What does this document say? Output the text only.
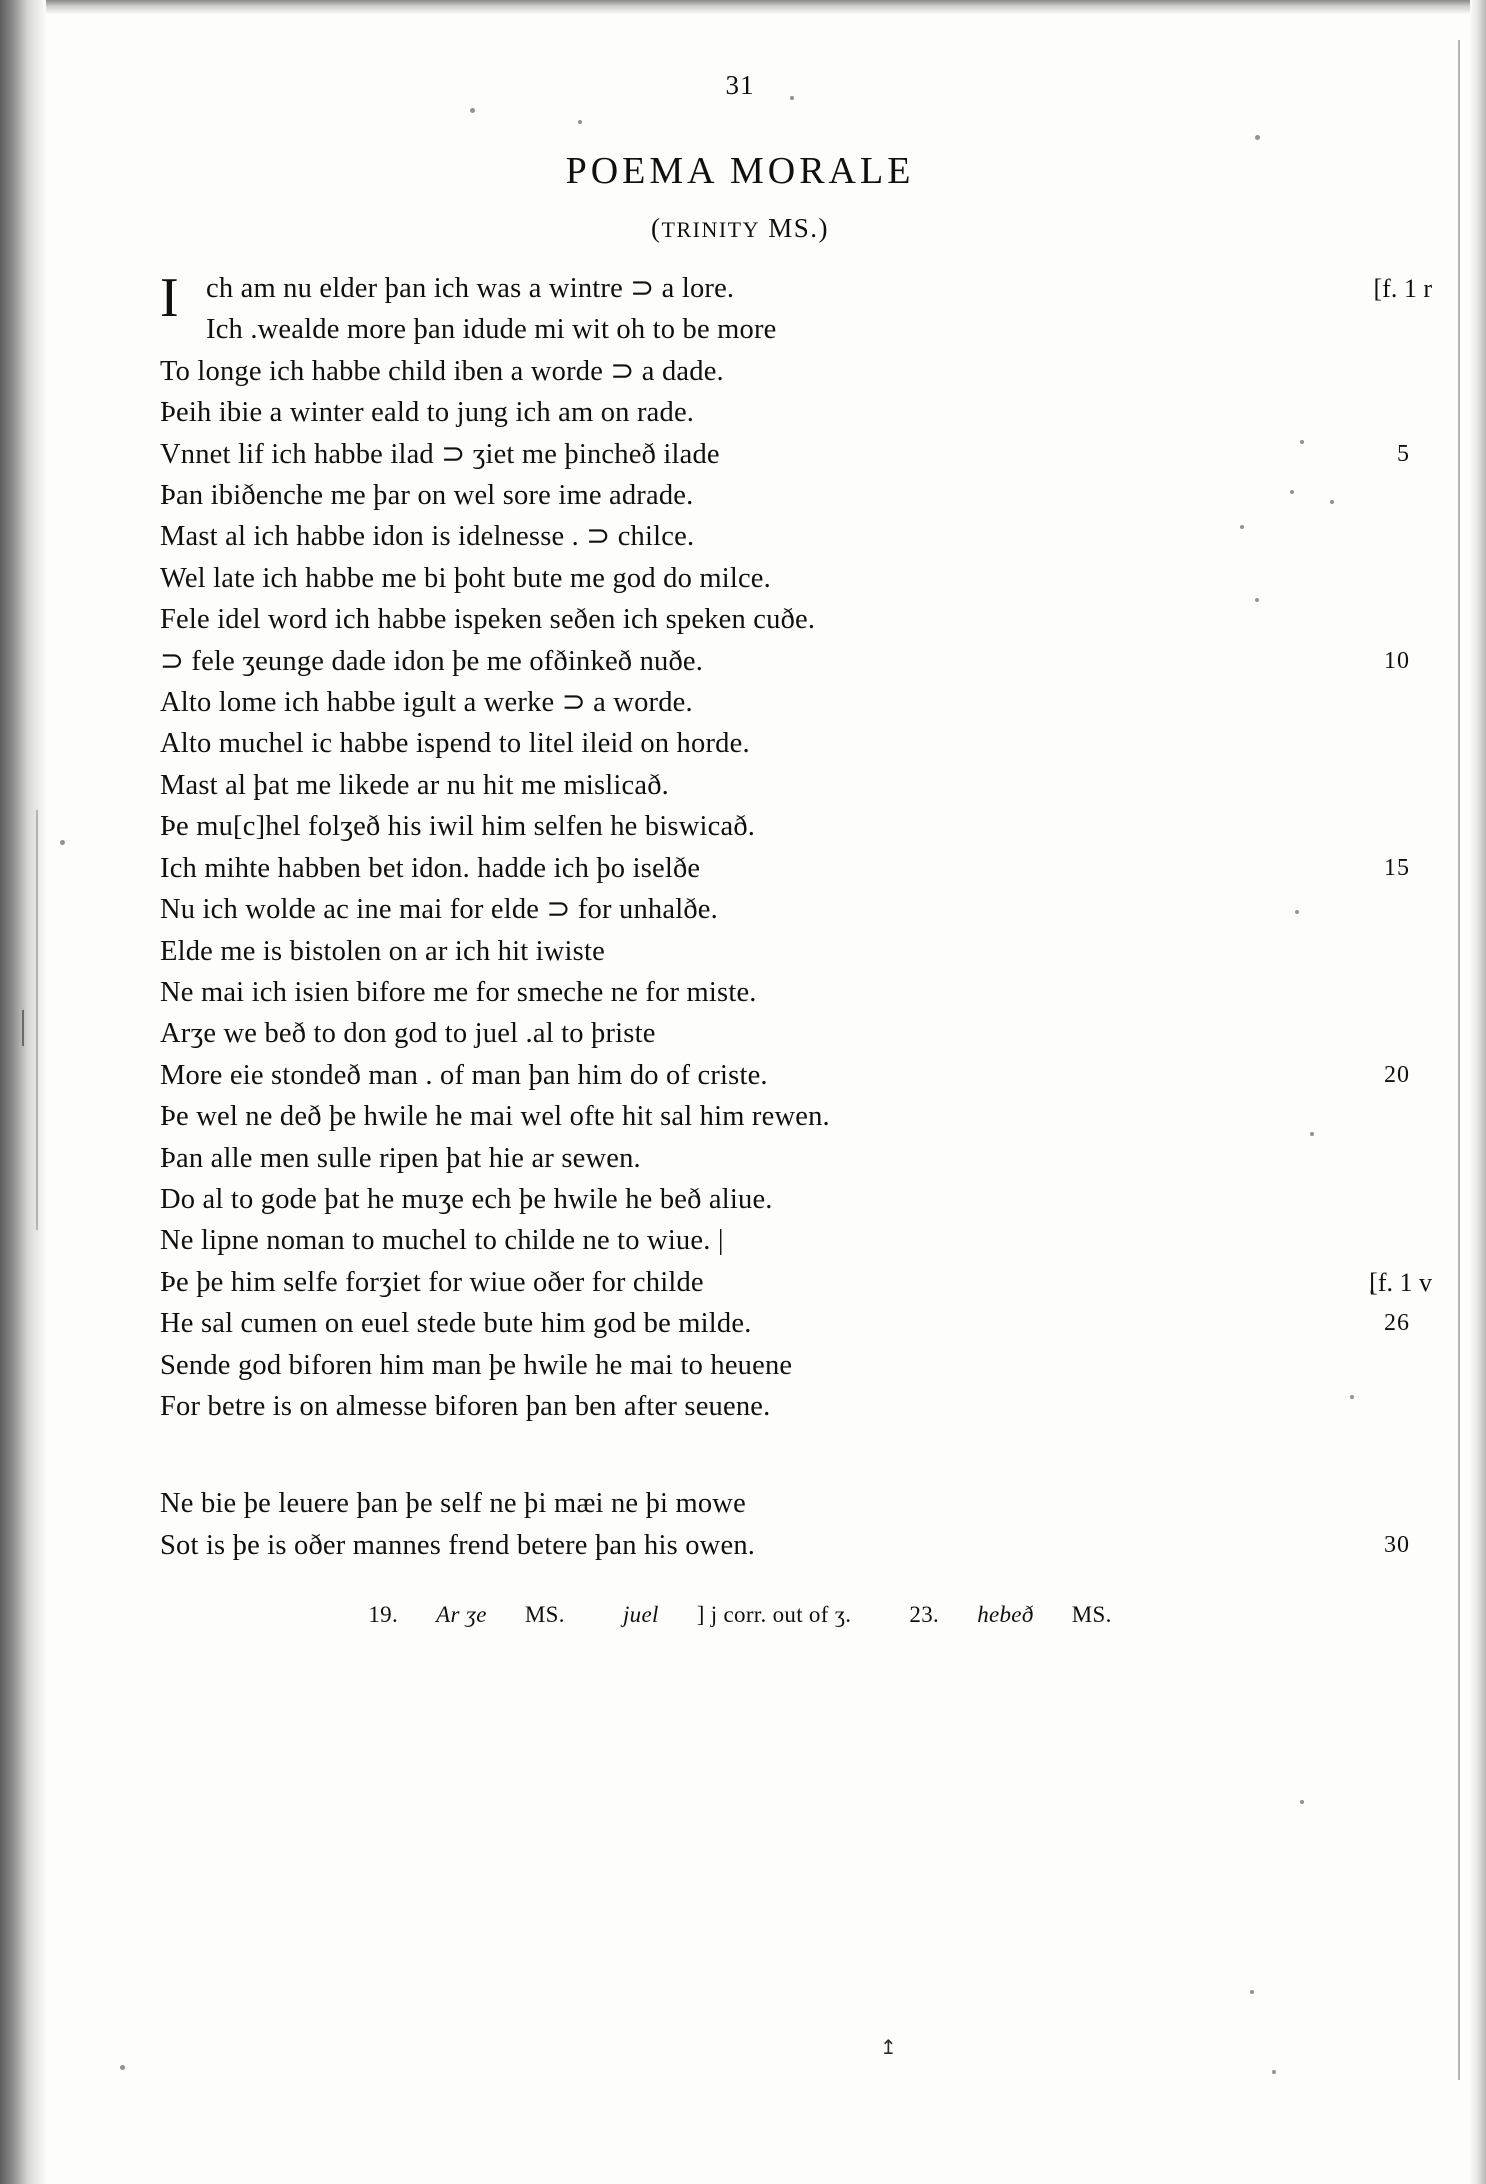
31
POEMA MORALE
(TRINITY MS.)
I ch am nu elder þan ich was a wintre ⊃ a lore.	[f. 1 r
Ich .wealde more þan idude mi wit oh to be more
To longe ich habbe child iben a worde ⊃ a dade.
Þeih ibie a winter eald to jung ich am on rade.
Vnnet lif ich habbe ilad ⊃ ʒiet me þincheð ilade	5
Þan ibiðenche me þar on wel sore ime adrade.
Mast al ich habbe idon is idelnesse . ⊃ chilce.
Wel late ich habbe me bi þoht bute me god do milce.
Fele idel word ich habbe ispeken seðen ich speken cuðe.
⊃ fele ʒeunge dade idon þe me ofðinkeð nuðe.	10
Alto lome ich habbe igult a werke ⊃ a worde.
Alto muchel ic habbe ispend to litel ileid on horde.
Mast al þat me likede ar nu hit me mislicað.
Þe mu[c]hel folʒeð his iwil him selfen he biswicað.
Ich mihte habben bet idon. hadde ich þo iselðe	15
Nu ich wolde ac ine mai for elde ⊃ for unhalðe.
Elde me is bistolen on ar ich hit iwiste
Ne mai ich isien bifore me for smeche ne for miste.
Arʒe we beð to don god to juel .al to þriste
More eie stondeð man . of man þan him do of criste.	20
Þe wel ne deð þe hwile he mai wel ofte hit sal him rewen.
Þan alle men sulle ripen þat hie ar sewen.
Do al to gode þat he muʒe ech þe hwile he beð aliue.
Ne lipne noman to muchel to childe ne to wiue. |
Þe þe him selfe forʒiet for wiue oðer for childe	[f. 1 v
He sal cumen on euel stede bute him god be milde.	26
Sende god biforen him man þe hwile he mai to heuene
For betre is on almesse biforen þan ben after seuene.
Ne bie þe leuere þan þe self ne þi mæi ne þi mowe
Sot is þe is oðer mannes frend betere þan his owen.	30
19. Ar ʒe MS.	juel ] j corr. out of ʒ.	23. hebeð MS.
↥
